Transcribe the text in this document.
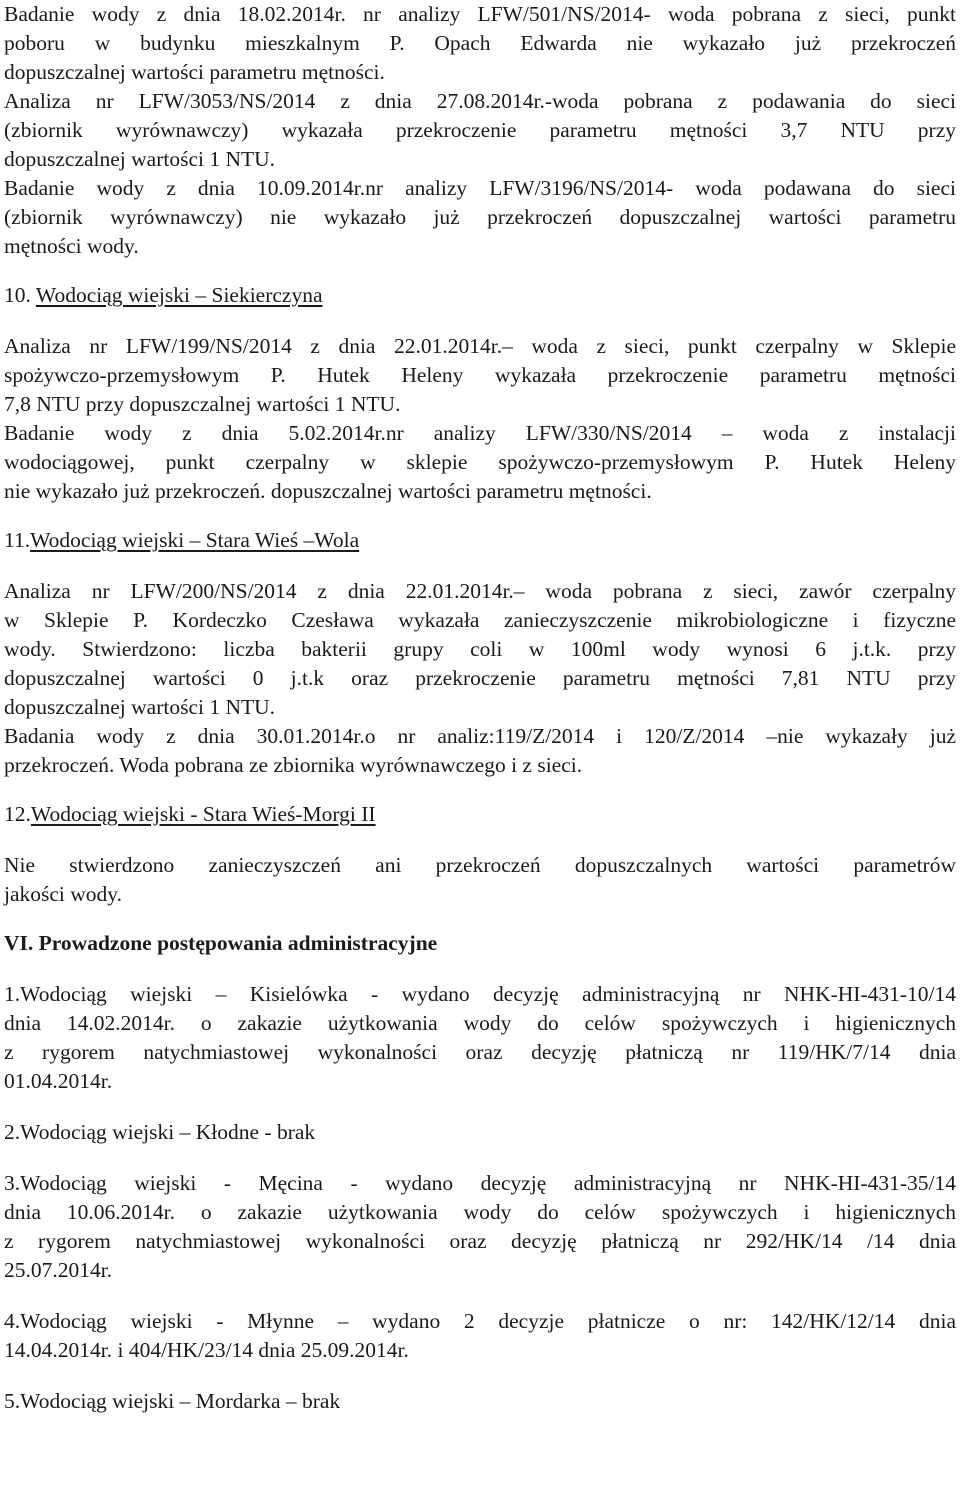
Badanie wody z dnia 18.02.2014r. nr analizy LFW/501/NS/2014- woda pobrana z sieci, punkt
poboru w budynku mieszkalnym P. Opach Edwarda nie wykazało już przekroczeń
dopuszczalnej wartości parametru mętności.
Analiza nr LFW/3053/NS/2014 z dnia 27.08.2014r.-woda pobrana z podawania do sieci
(zbiornik wyrównawczy) wykazała przekroczenie parametru mętności 3,7 NTU przy
dopuszczalnej wartości 1 NTU.
Badanie wody z dnia 10.09.2014r.nr analizy LFW/3196/NS/2014- woda podawana do sieci
(zbiornik wyrównawczy) nie wykazało już przekroczeń dopuszczalnej wartości parametru
mętności wody.
10. Wodociąg wiejski – Siekierczyna
Analiza nr LFW/199/NS/2014 z dnia 22.01.2014r.– woda z sieci, punkt czerpalny w Sklepie
spożywczo-przemysłowym P. Hutek Heleny wykazała przekroczenie parametru mętności
7,8 NTU przy dopuszczalnej wartości 1 NTU.
Badanie wody z dnia 5.02.2014r.nr analizy LFW/330/NS/2014 – woda z instalacji
wodociągowej, punkt czerpalny w sklepie spożywczo-przemysłowym P. Hutek Heleny
nie wykazało już przekroczeń. dopuszczalnej wartości parametru mętności.
11.Wodociąg wiejski – Stara Wieś –Wola
Analiza nr LFW/200/NS/2014 z dnia 22.01.2014r.– woda pobrana z sieci, zawór czerpalny
w Sklepie P. Kordeczko Czesława wykazała zanieczyszczenie mikrobiologiczne i fizyczne
wody. Stwierdzono: liczba bakterii grupy coli w 100ml wody wynosi 6 j.t.k. przy
dopuszczalnej wartości 0 j.t.k oraz przekroczenie parametru mętności 7,81 NTU przy
dopuszczalnej wartości 1 NTU.
Badania wody z dnia 30.01.2014r.o nr analiz:119/Z/2014 i 120/Z/2014 –nie wykazały już
przekroczeń. Woda pobrana ze zbiornika wyrównawczego i z sieci.
12.Wodociąg wiejski - Stara Wieś-Morgi II
Nie stwierdzono zanieczyszczeń ani przekroczeń dopuszczalnych wartości parametrów
jakości wody.
VI. Prowadzone postępowania administracyjne
1.Wodociąg wiejski – Kisielówka - wydano decyzję administracyjną nr NHK-HI-431-10/14
dnia 14.02.2014r. o zakazie użytkowania wody do celów spożywczych i higienicznych
z rygorem natychmiastowej wykonalności oraz decyzję płatniczą nr 119/HK/7/14 dnia
01.04.2014r.
2.Wodociąg wiejski – Kłodne - brak
3.Wodociąg wiejski - Męcina - wydano decyzję administracyjną nr NHK-HI-431-35/14
dnia 10.06.2014r. o zakazie użytkowania wody do celów spożywczych i higienicznych
z rygorem natychmiastowej wykonalności oraz decyzję płatniczą nr 292/HK/14 /14 dnia
25.07.2014r.
4.Wodociąg wiejski - Młynne – wydano 2 decyzje płatnicze o nr: 142/HK/12/14 dnia
14.04.2014r. i 404/HK/23/14 dnia 25.09.2014r.
5.Wodociąg wiejski – Mordarka – brak
